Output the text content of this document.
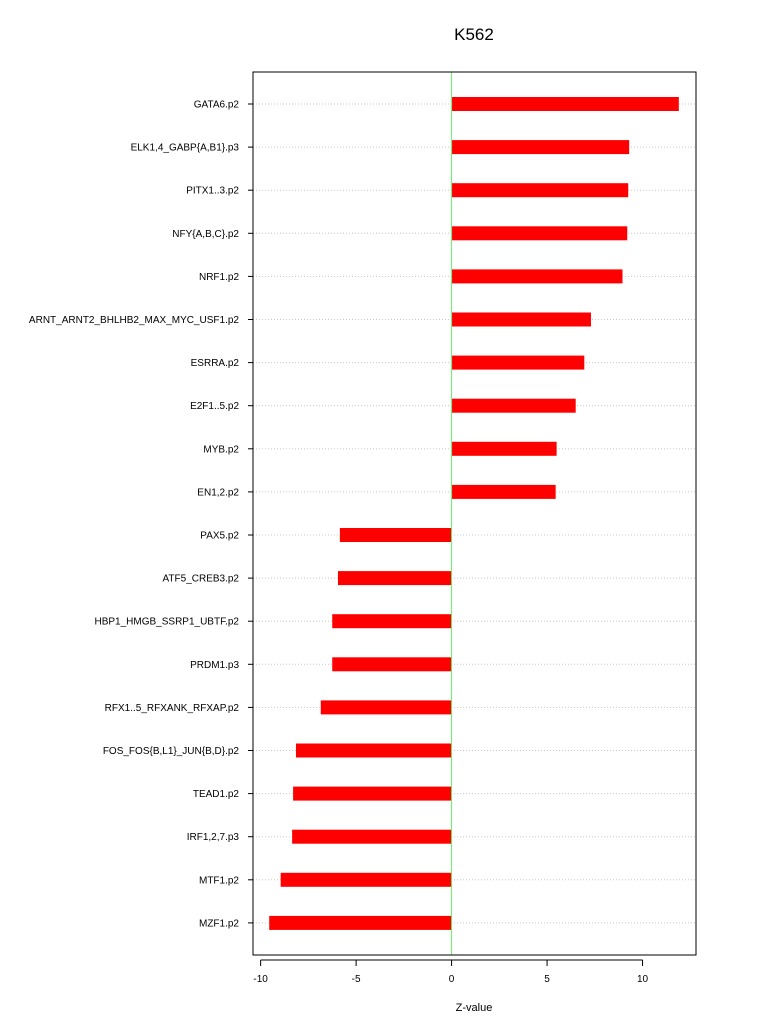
K562
GATA6.p2
ELK1,4_GABP{A,B1}.p3
PITX1..3.p2
NFY{A,B,C}.p2
NRF1.p2
ARNT_ARNT2_BHLHB2_MAX_MYC_USF1.p2
ESRRA.p2
E2F1..5.p2
MYB.p2
EN1,2.p2
PAX5.p2
ATF5_CREB3.p2
HBP1_HMGB_SSRP1_UBTF.p2
PRDM1.p3
RFX1..5_RFXANK_RFXAP.p2
FOS_FOS{B,L1}_JUN{B,D}.p2
TEAD1.p2
IRF1,2,7.p3
MTF1.p2
MZF1.p2
-10	-5	0	5	10
Z-value
